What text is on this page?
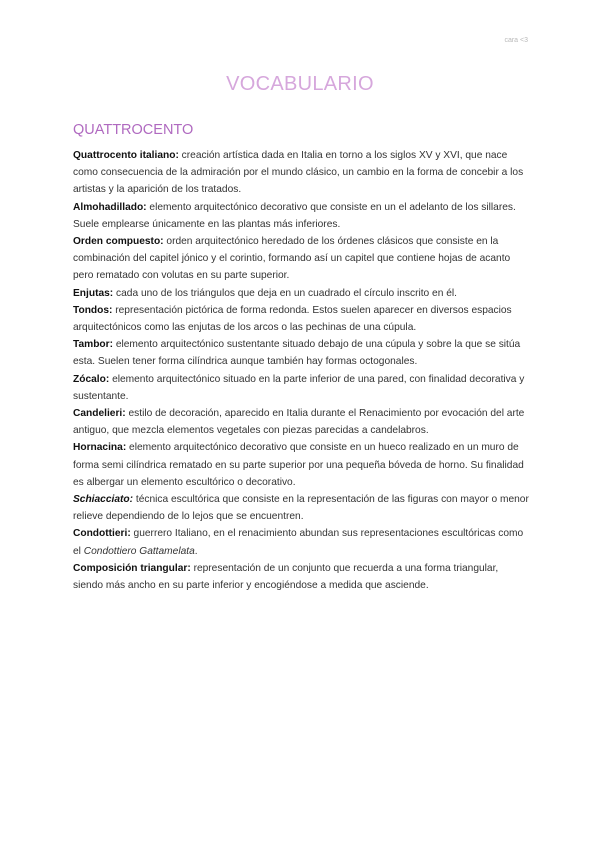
cara <3
VOCABULARIO
QUATTROCENTO

Quattrocento italiano: creación artística dada en Italia en torno a los siglos XV y XVI, que nace como consecuencia de la admiración por el mundo clásico, un cambio en la forma de concebir a los artistas y la aparición de los tratados.

Almohadillado: elemento arquitectónico decorativo que consiste en un el adelanto de los sillares. Suele emplearse únicamente en las plantas más inferiores.

Orden compuesto: orden arquitectónico heredado de los órdenes clásicos que consiste en la combinación del capitel jónico y el corintio, formando así un capitel que contiene hojas de acanto pero rematado con volutas en su parte superior.

Enjutas: cada uno de los triángulos que deja en un cuadrado el círculo inscrito en él.

Tondos: representación pictórica de forma redonda. Estos suelen aparecer en diversos espacios arquitectónicos como las enjutas de los arcos o las pechinas de una cúpula.

Tambor: elemento arquitectónico sustentante situado debajo de una cúpula y sobre la que se sitúa esta. Suelen tener forma cilíndrica aunque también hay formas octogonales.

Zócalo: elemento arquitectónico situado en la parte inferior de una pared, con finalidad decorativa y sustentante.

Candelieri: estilo de decoración, aparecido en Italia durante el Renacimiento por evocación del arte antiguo, que mezcla elementos vegetales con piezas parecidas a candelabros.

Hornacina: elemento arquitectónico decorativo que consiste en un hueco realizado en un muro de forma semi cilíndrica rematado en su parte superior por una pequeña bóveda de horno. Su finalidad es albergar un elemento escultórico o decorativo.

Schiacciato: técnica escultórica que consiste en la representación de las figuras con mayor o menor relieve dependiendo de lo lejos que se encuentren.

Condottieri: guerrero Italiano, en el renacimiento abundan sus representaciones escultóricas como el Condottiero Gattamelata.

Composición triangular: representación de un conjunto que recuerda a una forma triangular, siendo más ancho en su parte inferior y encogiéndose a medida que asciende.
